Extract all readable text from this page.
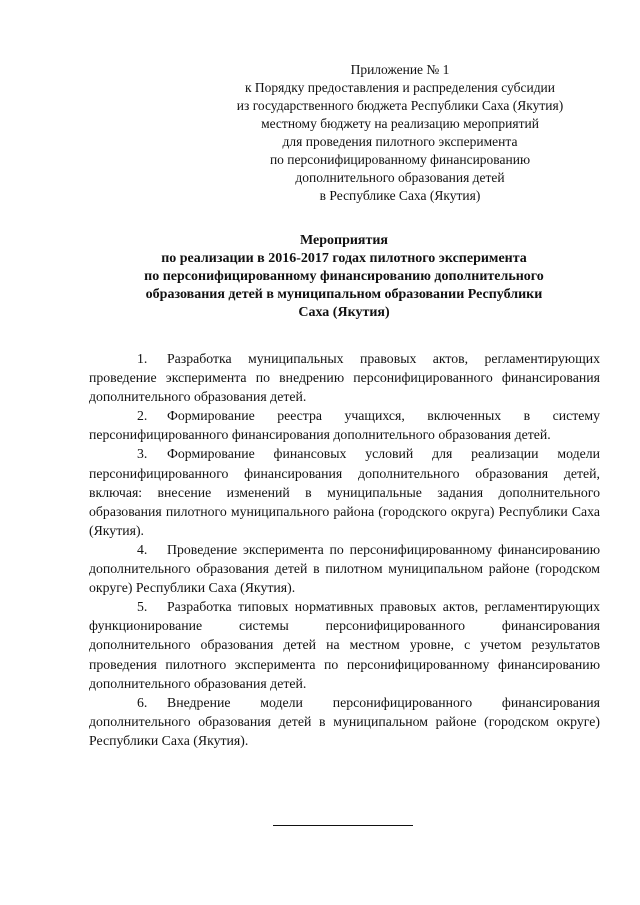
Приложение № 1
к Порядку предоставления и распределения субсидии
из государственного бюджета Республики Саха (Якутия)
местному бюджету на реализацию мероприятий
для проведения пилотного эксперимента
по персонифицированному финансированию
дополнительного образования детей
в Республике Саха (Якутия)
Мероприятия
по реализации в 2016-2017 годах пилотного эксперимента
по персонифицированному финансированию дополнительного
образования детей в муниципальном образовании Республики
Саха (Якутия)

1. Разработка муниципальных правовых актов, регламентирующих проведение эксперимента по внедрению персонифицированного финансирования дополнительного образования детей.

2. Формирование реестра учащихся, включенных в систему персонифицированного финансирования дополнительного образования детей.

3. Формирование финансовых условий для реализации модели персонифицированного финансирования дополнительного образования детей, включая: внесение изменений в муниципальные задания дополнительного образования пилотного муниципального района (городского округа) Республики Саха (Якутия).

4. Проведение эксперимента по персонифицированному финансированию дополнительного образования детей в пилотном муниципальном районе (городском округе) Республики Саха (Якутия).

5. Разработка типовых нормативных правовых актов, регламентирующих функционирование системы персонифицированного финансирования дополнительного образования детей на местном уровне, с учетом результатов проведения пилотного эксперимента по персонифицированному финансированию дополнительного образования детей.

6. Внедрение модели персонифицированного финансирования дополнительного образования детей в муниципальном районе (городском округе) Республики Саха (Якутия).
